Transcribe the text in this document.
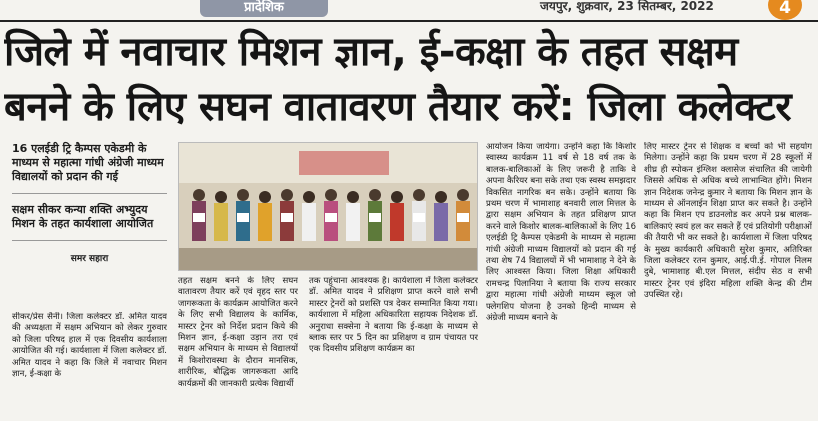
प्रादेशिक	जयपुर, शुक्रवार, 23 सितम्बर, 2022	4
जिले में नवाचार मिशन ज्ञान, ई-कक्षा के तहत सक्षम
बनने के लिए सघन वातावरण तैयार करें: जिला कलेक्टर

16 एलईडी ट्रि कैम्पस एकेडमी के माध्यम से महात्मा गांधी अंग्रेजी माध्यम विद्यालयों को प्रदान की गई

सक्षम सीकर कन्या शक्ति अभ्युदय मिशन के तहत कार्यशाला आयोजित

समर सहारा

सीकर/प्रेस सैनी। जिला कलेक्टर डॉ. अमित यादव की अध्यक्षता में सक्षम अभियान को लेकर गुरुवार को जिला परिषद हाल में एक दिवसीय कार्यशाला आयोजित की गई। कार्यशाला में जिला कलेक्टर डॉ. अमित यादव ने कहा कि जिले में नवाचार मिशन ज्ञान, ई-कक्षा के

तहत सक्षम बनने के लिए सघन वातावरण तैयार करें एवं वृहद स्तर पर जागरूकता के कार्यक्रम आयोजित करने के लिए सभी विद्यालय के कार्मिक, मास्टर ट्रेनर को निर्देश प्रदान किये की मिशन ज्ञान, ई-कक्षा उड़ान तरा एवं सक्षम अभियान के माध्यम से विद्यालयों में किशोरावस्था के दौरान मानसिक, शारीरिक, बौद्धिक जागरूकता आदि कार्यक्रमों की जानकारी प्रत्येक विद्यार्थी

तक पहुंचाना आवश्यक है। कार्यशाला में जिला कलेक्टर डॉ. अमित यादव ने प्रशिक्षण प्राप्त करने वाले सभी मास्टर ट्रेनरों को प्रशस्ति पत्र देकर सम्मानित किया गया। कार्यशाला में महिला अधिकारिता सहायक निदेशक डॉ. अनुराधा सक्सेना ने बताया कि ई-कक्षा के माध्यम से ब्लाक स्तर पर 5 दिन का प्रशिक्षण व ग्राम पंचायत पर एक दिवसीय प्रशिक्षण कार्यक्रम का

आयोजन किया जायेगा। उन्होंने कहा कि किशोर स्वास्थ्य कार्यक्रम 11 वर्ष से 18 वर्ष तक के बालक-बालिकाओं के लिए जरूरी है ताकि वे अपना कैरियर बना सके तथा एक स्वस्थ समझदार विकसित नागरिक बन सके। उन्होंने बताया कि प्रथम चरण में भामाशाह बनवारी लाल मित्तल के द्वारा सक्षम अभियान के तहत प्रशिक्षण प्राप्त करने वाले किशोर बालक-बालिकाओं के लिए 16 एलईडी ट्रि कैम्पस एकेडमी के माध्यम से महात्मा गांधी अंग्रेजी माध्यम विद्यालयों को प्रदान की गई तथा शेष 74 विद्यालयों में भी भामाशाह ने देने के लिए आश्वस्त किया। जिला शिक्षा अधिकारी रामचन्द्र पिलानिया ने बताया कि राज्य सरकार द्वारा महात्मा गांधी अंग्रेजी माध्यम स्कूल जो फ्लेगशिप योजना है उनको हिन्दी माध्यम से अंग्रेजी माध्यम बनाने के

लिए मास्टर ट्रेनर से शिक्षक व बच्चों को भी सहयोग मिलेगा। उन्होंने कहा कि प्रथम चरण में 28 स्कूलों में शीघ्र ही स्पोकन इंग्लिश क्लासेज संचालित की जायेगी जिससे अधिक से अधिक बच्चे लाभान्वित होंगे। मिशन ज्ञान निदेशक जनेन्द्र कुमार ने बताया कि मिशन ज्ञान के माध्यम से ऑनलाईन शिक्षा प्राप्त कर सकते है। उन्होंने कहा कि मिशन एप डाउनलोड कर अपने प्रश्न बालक-बालिकाएं स्वयं हल कर सकते हैं एवं प्रतियोगी परीक्षाओं की तैयारी भी कर सकते है। कार्यशाला में जिला परिषद के मुख्य कार्यकारी अधिकारी सुरेश कुमार, अतिरिक्त जिला कलेक्टर रतन कुमार, आई.पी.ई. गोपाल निलम दुबे, भामाशाह बी.एल मित्तल, संदीप सेठ व सभी मास्टर ट्रेनर एवं इंदिरा महिला शक्ति केन्द्र की टीम उपस्थित रहे।
